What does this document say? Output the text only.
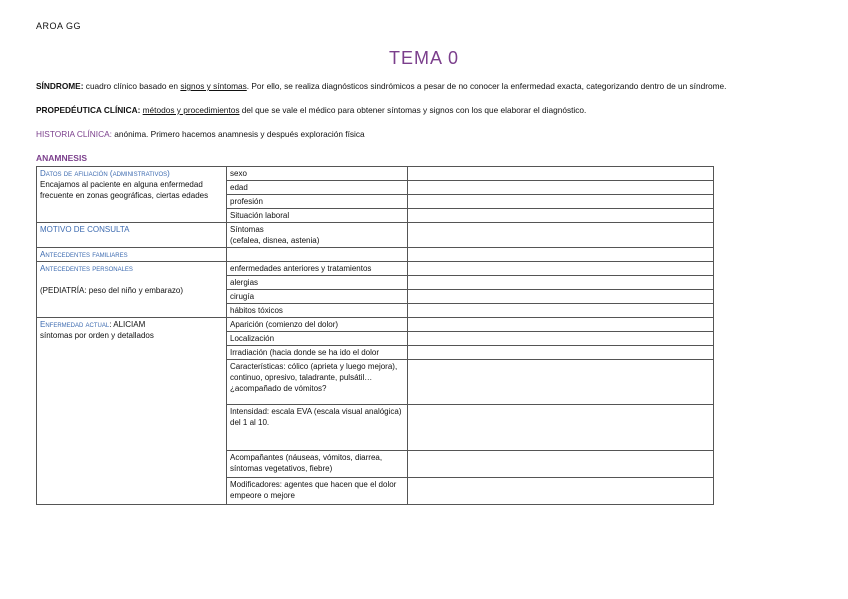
AROA GG
TEMA 0
SÍNDROME: cuadro clínico basado en signos y síntomas. Por ello, se realiza diagnósticos sindrómicos a pesar de no conocer la enfermedad exacta, categorizando dentro de un síndrome.
PROPEDÉUTICA CLÍNICA: métodos y procedimientos del que se vale el médico para obtener síntomas y signos con los que elaborar el diagnóstico.
HISTORIA CLÍNICA: anónima. Primero hacemos anamnesis y después exploración física
ANAMNESIS
Datos de afiliación (administrativos)
Encajamos al paciente en alguna enfermedad frecuente en zonas geográficas, ciertas edades	sexo	
	edad	
	profesión	
	Situación laboral	
MOTIVO DE CONSULTA	Síntomas
(cefalea, disnea, astenia)	

Antecedentes familiares		

Antecedentes personales
(PEDIATRÍA: peso del niño y embarazo)	enfermedades anteriores y tratamientos	
	alergias	
	cirugía	
	hábitos tóxicos	
Enfermedad actual: ALICIAM
síntomas por orden y detallados	Aparición (comienzo del dolor)	
	Localización	
	Irradiación (hacia donde se ha ido el dolor	
	Características: cólico (aprieta y luego mejora), continuo, opresivo, taladrante, pulsátil… ¿acompañado de vómitos?	
	Intensidad: escala EVA (escala visual analógica) del 1 al 10.	
	Acompañantes (náuseas, vómitos, diarrea, síntomas vegetativos, fiebre)	
	Modificadores: agentes que hacen que el dolor empeore o mejore	
